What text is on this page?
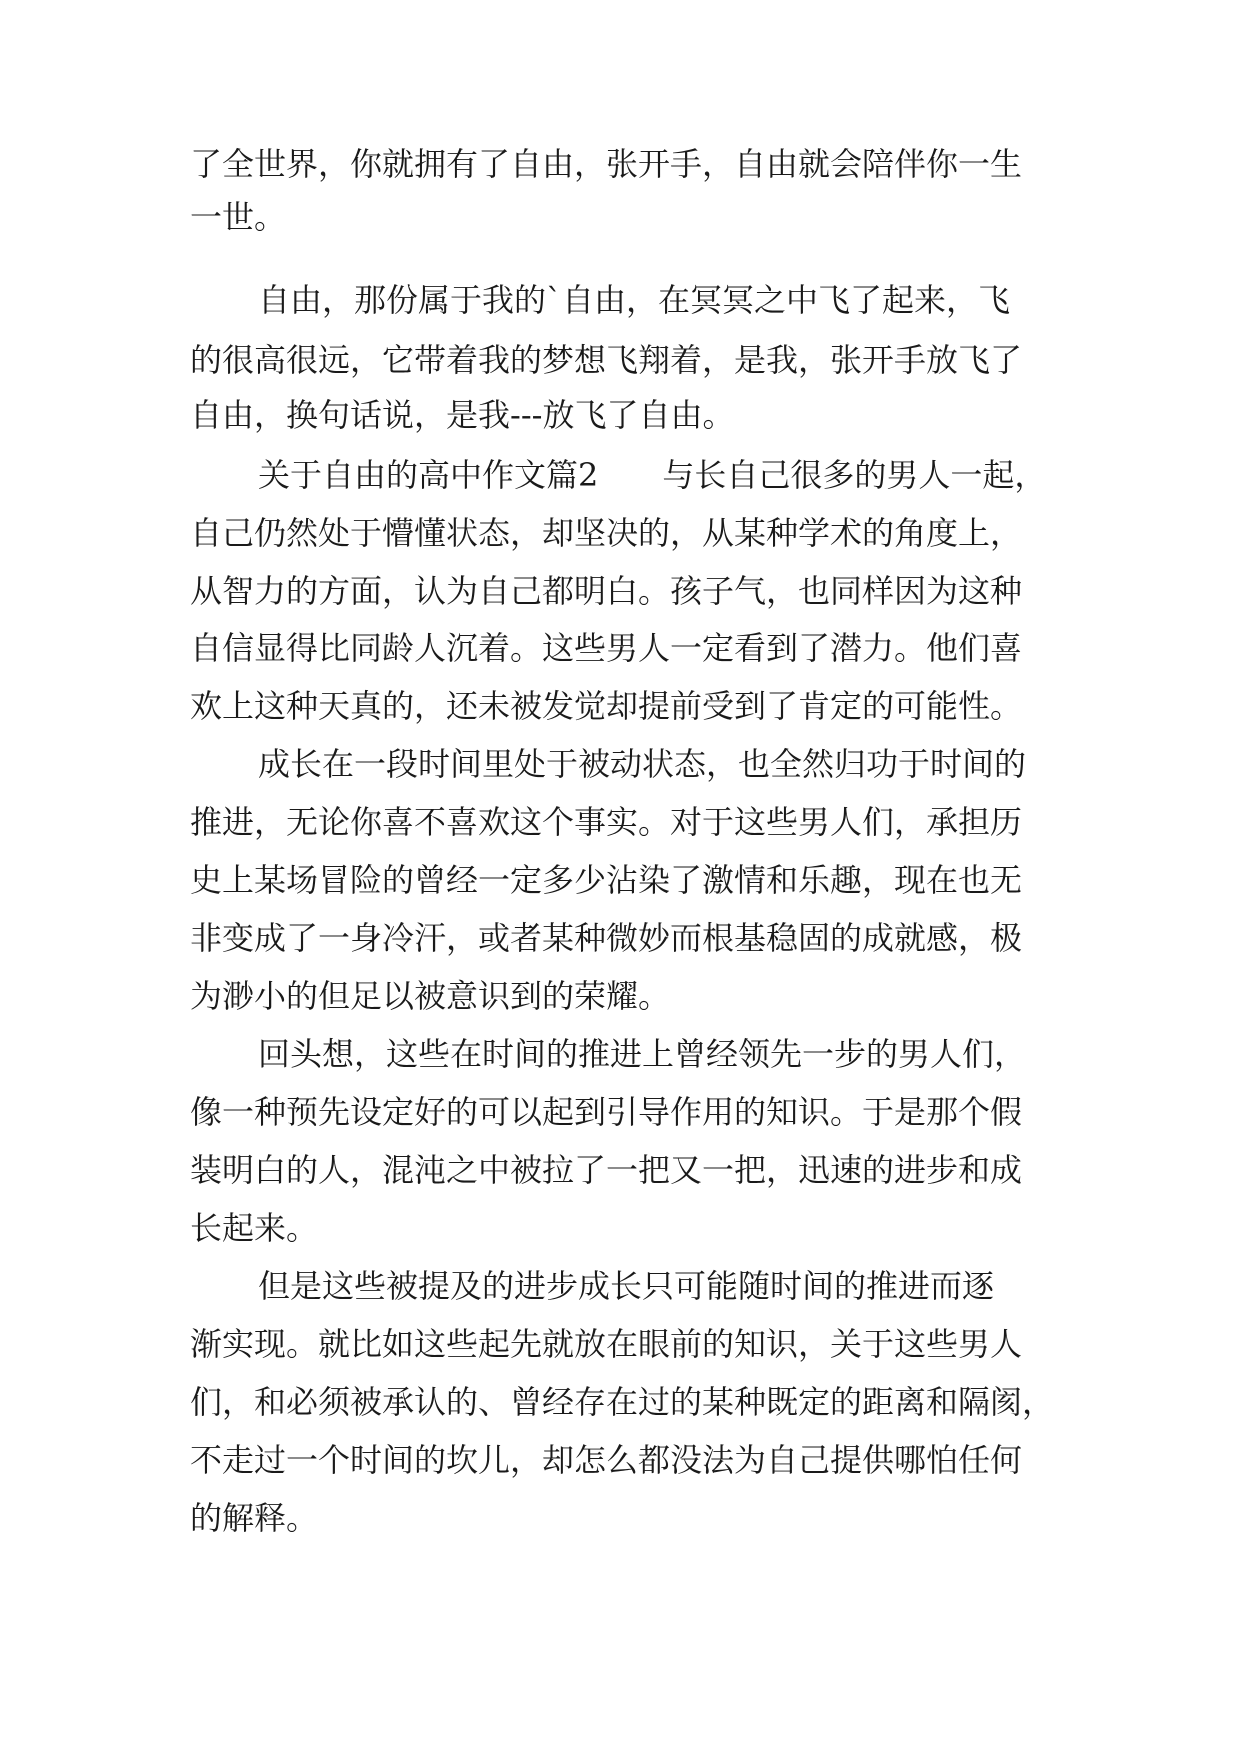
了全世界，你就拥有了自由，张开手，自由就会陪伴你一生

一世。

自由，那份属于我的`自由，在冥冥之中飞了起来，飞

的很高很远，它带着我的梦想飞翔着，是我，张开手放飞了

自由，换句话说，是我---放飞了自由。

关于自由的高中作文篇2　　与长自己很多的男人一起，

自己仍然处于懵懂状态，却坚决的，从某种学术的角度上，

从智力的方面，认为自己都明白。孩子气，也同样因为这种

自信显得比同龄人沉着。这些男人一定看到了潜力。他们喜

欢上这种天真的，还未被发觉却提前受到了肯定的可能性。

成长在一段时间里处于被动状态，也全然归功于时间的

推进，无论你喜不喜欢这个事实。对于这些男人们，承担历

史上某场冒险的曾经一定多少沾染了激情和乐趣，现在也无

非变成了一身冷汗，或者某种微妙而根基稳固的成就感，极

为渺小的但足以被意识到的荣耀。

回头想，这些在时间的推进上曾经领先一步的男人们，

像一种预先设定好的可以起到引导作用的知识。于是那个假

装明白的人，混沌之中被拉了一把又一把，迅速的进步和成

长起来。

但是这些被提及的进步成长只可能随时间的推进而逐

渐实现。就比如这些起先就放在眼前的知识，关于这些男人

们，和必须被承认的、曾经存在过的某种既定的距离和隔阂，

不走过一个时间的坎儿，却怎么都没法为自己提供哪怕任何

的解释。
